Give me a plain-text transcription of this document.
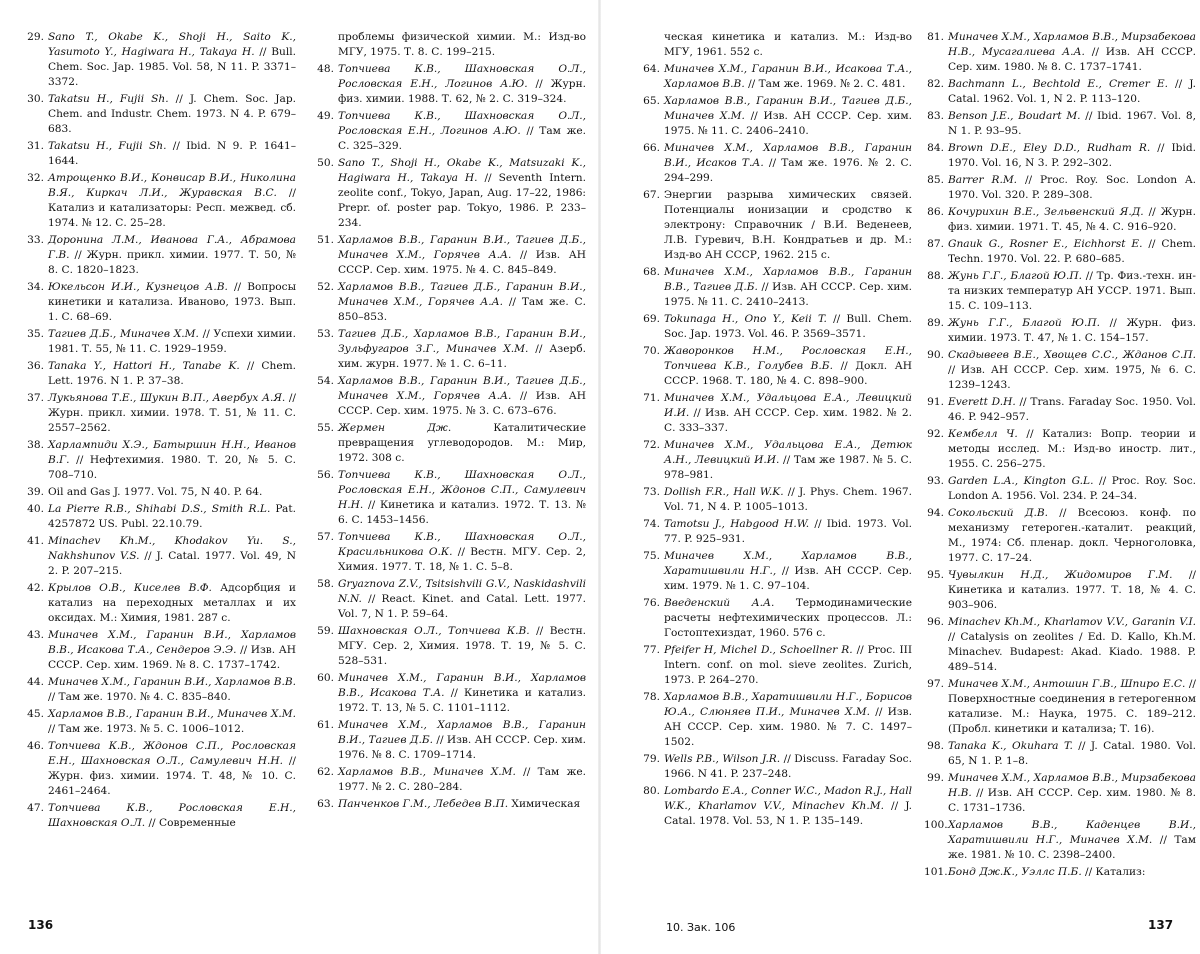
29. Sano T., Okabe K., Shoji H., Saito K., Yasumoto Y., Hagiwara H., Takaya H. // Bull. Chem. Soc. Jap. 1985. Vol. 58, N 11. P. 3371–3372.
30. Takatsu H., Fujii Sh. // J. Chem. Soc. Jap. Chem. and Industr. Chem. 1973. N 4. P. 679–683.
31. Takatsu H., Fujii Sh. // Ibid. N 9. P. 1641–1644.
32. Атрощенко В.И., Конвисар В.И., Николина В.Я., Киркач Л.И., Журавская В.С. // Катализ и катализаторы: Респ. межвед. сб. 1974. № 12. С. 25–28.
33. Доронина Л.М., Иванова Г.А., Абрамова Г.В. // Журн. прикл. химии. 1977. Т. 50, № 8. С. 1820–1823.
34. Юкельсон И.И., Кузнецов А.В. // Вопросы кинетики и катализа. Иваново, 1973. Вып. 1. С. 68–69.
35. Тагиев Д.Б., Миначев Х.М. // Успехи химии. 1981. Т. 55, № 11. С. 1929–1959.
36. Tanaka Y., Hattori H., Tanabe K. // Chem. Lett. 1976. N 1. P. 37–38.
37. Лукьянова Т.Е., Шукин В.П., Авербух А.Я. // Журн. прикл. химии. 1978. Т. 51, № 11. С. 2557–2562.
38. Харлампиди Х.Э., Батыршин Н.Н., Иванов В.Г. // Нефтехимия. 1980. Т. 20, № 5. С. 708–710.
39. Oil and Gas J. 1977. Vol. 75, N 40. P. 64.
40. La Pierre R.B., Shihabi D.S., Smith R.L. Pat. 4257872 US. Publ. 22.10.79.
41. Minachev Kh.M., Khodakov Yu. S., Nakhshunov V.S. // J. Catal. 1977. Vol. 49, N 2. P. 207–215.
42. Крылов О.В., Киселев В.Ф. Адсорбция и катализ на переходных металлах и их оксидах. М.: Химия, 1981. 287 с.
43. Миначев Х.М., Гаранин В.И., Харламов В.В., Исакова Т.А., Сендеров Э.Э. // Изв. АН СССР. Сер. хим. 1969. № 8. С. 1737–1742.
44. Миначев Х.М., Гаранин В.И., Харламов В.В. // Там же. 1970. № 4. С. 835–840.
45. Харламов В.В., Гаранин В.И., Миначев Х.М. // Там же. 1973. № 5. С. 1006–1012.
46. Топчиева К.В., Ждонов С.П., Рословская Е.Н., Шахновская О.Л., Самулевич Н.Н. // Журн. физ. химии. 1974. Т. 48, № 10. С. 2461–2464.
47. Топчиева К.В., Рословская Е.Н., Шахновская О.Л. // Современные
проблемы физической химии. М.: Изд-во МГУ, 1975. Т. 8. С. 199–215.
48. Топчиева К.В., Шахновская О.Л., Рословская Е.Н., Логинов А.Ю. // Журн. физ. химии. 1988. Т. 62, № 2. С. 319–324.
49. Топчиева К.В., Шахновская О.Л., Рословская Е.Н., Логинов А.Ю. // Там же. С. 325–329.
50. Sano T., Shoji H., Okabe K., Matsuzaki K., Hagiwara H., Takaya H. // Seventh Intern. zeolite conf., Tokyo, Japan, Aug. 17–22, 1986: Prepr. of. poster pap. Tokyo, 1986. P. 233–234.
51. Харламов В.В., Гаранин В.И., Тагиев Д.Б., Миначев Х.М., Горячев А.А. // Изв. АН СССР. Сер. хим. 1975. № 4. С. 845–849.
52. Харламов В.В., Тагиев Д.Б., Гаранин В.И., Миначев Х.М., Горячев А.А. // Там же. С. 850–853.
53. Тагиев Д.Б., Харламов В.В., Гаранин В.И., Зульфугаров З.Г., Миначев Х.М. // Азерб. хим. журн. 1977. № 1. С. 6–11.
54. Харламов В.В., Гаранин В.И., Тагиев Д.Б., Миначев Х.М., Горячев А.А. // Изв. АН СССР. Сер. хим. 1975. № 3. С. 673–676.
55. Жермен Дж. Каталитические превращения углеводородов. М.: Мир, 1972. 308 с.
56. Топчиева К.В., Шахновская О.Л., Рословская Е.Н., Ждонов С.П., Самулевич Н.Н. // Кинетика и катализ. 1972. Т. 13. № 6. С. 1453–1456.
57. Топчиева К.В., Шахновская О.Л., Красильникова О.К. // Вестн. МГУ. Сер. 2, Химия. 1977. Т. 18, № 1. С. 5–8.
58. Gryaznova Z.V., Tsitsishvili G.V., Naskidashvili N.N. // React. Kinet. and Catal. Lett. 1977. Vol. 7, N 1. P. 59–64.
59. Шахновская О.Л., Топчиева К.В. // Вестн. МГУ. Сер. 2, Химия. 1978. Т. 19, № 5. С. 528–531.
60. Миначев Х.М., Гаранин В.И., Харламов В.В., Исакова Т.А. // Кинетика и катализ. 1972. Т. 13, № 5. С. 1101–1112.
61. Миначев Х.М., Харламов В.В., Гаранин В.И., Тагиев Д.Б. // Изв. АН СССР. Сер. хим. 1976. № 8. С. 1709–1714.
62. Харламов В.В., Миначев Х.М. // Там же. 1977. № 2. С. 280–284.
63. Панченков Г.М., Лебедев В.П. Химическая
ческая кинетика и катализ. М.: Изд-во МГУ, 1961. 552 с.
64. Миначев Х.М., Гаранин В.И., Исакова Т.А., Харламов В.В. // Там же. 1969. № 2. С. 481.
65. Харламов В.В., Гаранин В.И., Тагиев Д.Б., Миначев Х.М. // Изв. АН СССР. Сер. хим. 1975. № 11. С. 2406–2410.
66. Миначев Х.М., Харламов В.В., Гаранин В.И., Исаков Т.А. // Там же. 1976. № 2. С. 294–299.
67. Энергии разрыва химических связей. Потенциалы ионизации и сродство к электрону: Справочник / В.И. Веденеев, Л.В. Гуревич, В.Н. Кондратьев и др. М.: Изд-во АН СССР, 1962. 215 с.
68. Миначев Х.М., Харламов В.В., Гаранин В.В., Тагиев Д.Б. // Изв. АН СССР. Сер. хим. 1975. № 11. С. 2410–2413.
69. Tokunaga H., Ono Y., Keii T. // Bull. Chem. Soc. Jap. 1973. Vol. 46. P. 3569–3571.
70. Жаворонков Н.М., Рословская Е.Н., Топчиева К.В., Голубев В.Б. // Докл. АН СССР. 1968. Т. 180, № 4. С. 898–900.
71. Миначев Х.М., Удальцова Е.А., Левицкий И.И. // Изв. АН СССР. Сер. хим. 1982. № 2. С. 333–337.
72. Миначев Х.М., Удальцова Е.А., Детюк А.Н., Левицкий И.И. // Там же 1987. № 5. С. 978–981.
73. Dollish F.R., Hall W.K. // J. Phys. Chem. 1967. Vol. 71, N 4. P. 1005–1013.
74. Tamotsu J., Habgood H.W. // Ibid. 1973. Vol. 77. P. 925–931.
75. Миначев Х.М., Харламов В.В., Харатишвили Н.Г., // Изв. АН СССР. Сер. хим. 1979. № 1. С. 97–104.
76. Введенский А.А. Термодинамические расчеты нефтехимических процессов. Л.: Гостоптехиздат, 1960. 576 с.
77. Pfeifer H, Michel D., Schoellner R. // Proc. III Intern. conf. on mol. sieve zeolites. Zurich, 1973. P. 264–270.
78. Харламов В.В., Харатишвили Н.Г., Борисов Ю.А., Слюняев П.И., Миначев Х.М. // Изв. АН СССР. Сер. хим. 1980. № 7. С. 1497–1502.
79. Wells P.B., Wilson J.R. // Discuss. Faraday Soc. 1966. N 41. P. 237–248.
80. Lombardo E.A., Conner W.C., Madon R.J., Hall W.K., Kharlamov V.V., Minachev Kh.M. // J. Catal. 1978. Vol. 53, N 1. P. 135–149.
81. Миначев Х.М., Харламов В.В., Мирзабекова Н.В., Мусагалиева А.А. // Изв. АН СССР. Сер. хим. 1980. № 8. С. 1737–1741.
82. Bachmann L., Bechtold E., Cremer E. // J. Catal. 1962. Vol. 1, N 2. P. 113–120.
83. Benson J.E., Boudart M. // Ibid. 1967. Vol. 8, N 1. P. 93–95.
84. Brown D.E., Eley D.D., Rudham R. // Ibid. 1970. Vol. 16, N 3. P. 292–302.
85. Barrer R.M. // Proc. Roy. Soc. London A. 1970. Vol. 320. P. 289–308.
86. Кочурихин В.Е., Зельвенский Я.Д. // Журн. физ. химии. 1971. Т. 45, № 4. С. 916–920.
87. Gnauk G., Rosner E., Eichhorst E. // Chem. Techn. 1970. Vol. 22. P. 680–685.
88. Жунь Г.Г., Благой Ю.П. // Тр. Физ.-техн. ин-та низких температур АН УССР. 1971. Вып. 15. С. 109–113.
89. Жунь Г.Г., Благой Ю.П. // Журн. физ. химии. 1973. Т. 47, № 1. С. 154–157.
90. Скадывеев В.Е., Хвощев С.С., Жданов С.П. // Изв. АН СССР. Сер. хим. 1975, № 6. С. 1239–1243.
91. Everett D.H. // Trans. Faraday Soc. 1950. Vol. 46. P. 942–957.
92. Кембелл Ч. // Катализ: Вопр. теории и методы исслед. М.: Изд-во иностр. лит., 1955. С. 256–275.
93. Garden L.A., Kington G.L. // Proc. Roy. Soc. London A. 1956. Vol. 234. P. 24–34.
94. Сокольский Д.В. // Всесоюз. конф. по механизму гетероген.-каталит. реакций, М., 1974: Сб. пленар. докл. Черноголовка, 1977. С. 17–24.
95. Чувылкин Н.Д., Жидомиров Г.М. // Кинетика и катализ. 1977. Т. 18, № 4. С. 903–906.
96. Minachev Kh.M., Kharlamov V.V., Garanin V.I. // Catalysis on zeolites / Ed. D. Kallo, Kh.M. Minachev. Budapest: Akad. Kiado. 1988. P. 489–514.
97. Миначев Х.М., Антошин Г.В., Шпиро Е.С. // Поверхностные соединения в гетерогенном катализе. М.: Наука, 1975. С. 189–212. (Пробл. кинетики и катализа; Т. 16).
98. Tanaka K., Okuhara T. // J. Catal. 1980. Vol. 65, N 1. P. 1–8.
99. Миначев Х.М., Харламов В.В., Мирзабекова Н.В. // Изв. АН СССР. Сер. хим. 1980. № 8. С. 1731–1736.
100. Харламов В.В., Каденцев В.И., Харатишвили Н.Г., Миначев Х.М. // Там же. 1981. № 10. С. 2398–2400.
101. Бонд Дж.К., Уэллс П.Б. // Катализ:
136	10. Зак. 106	137
